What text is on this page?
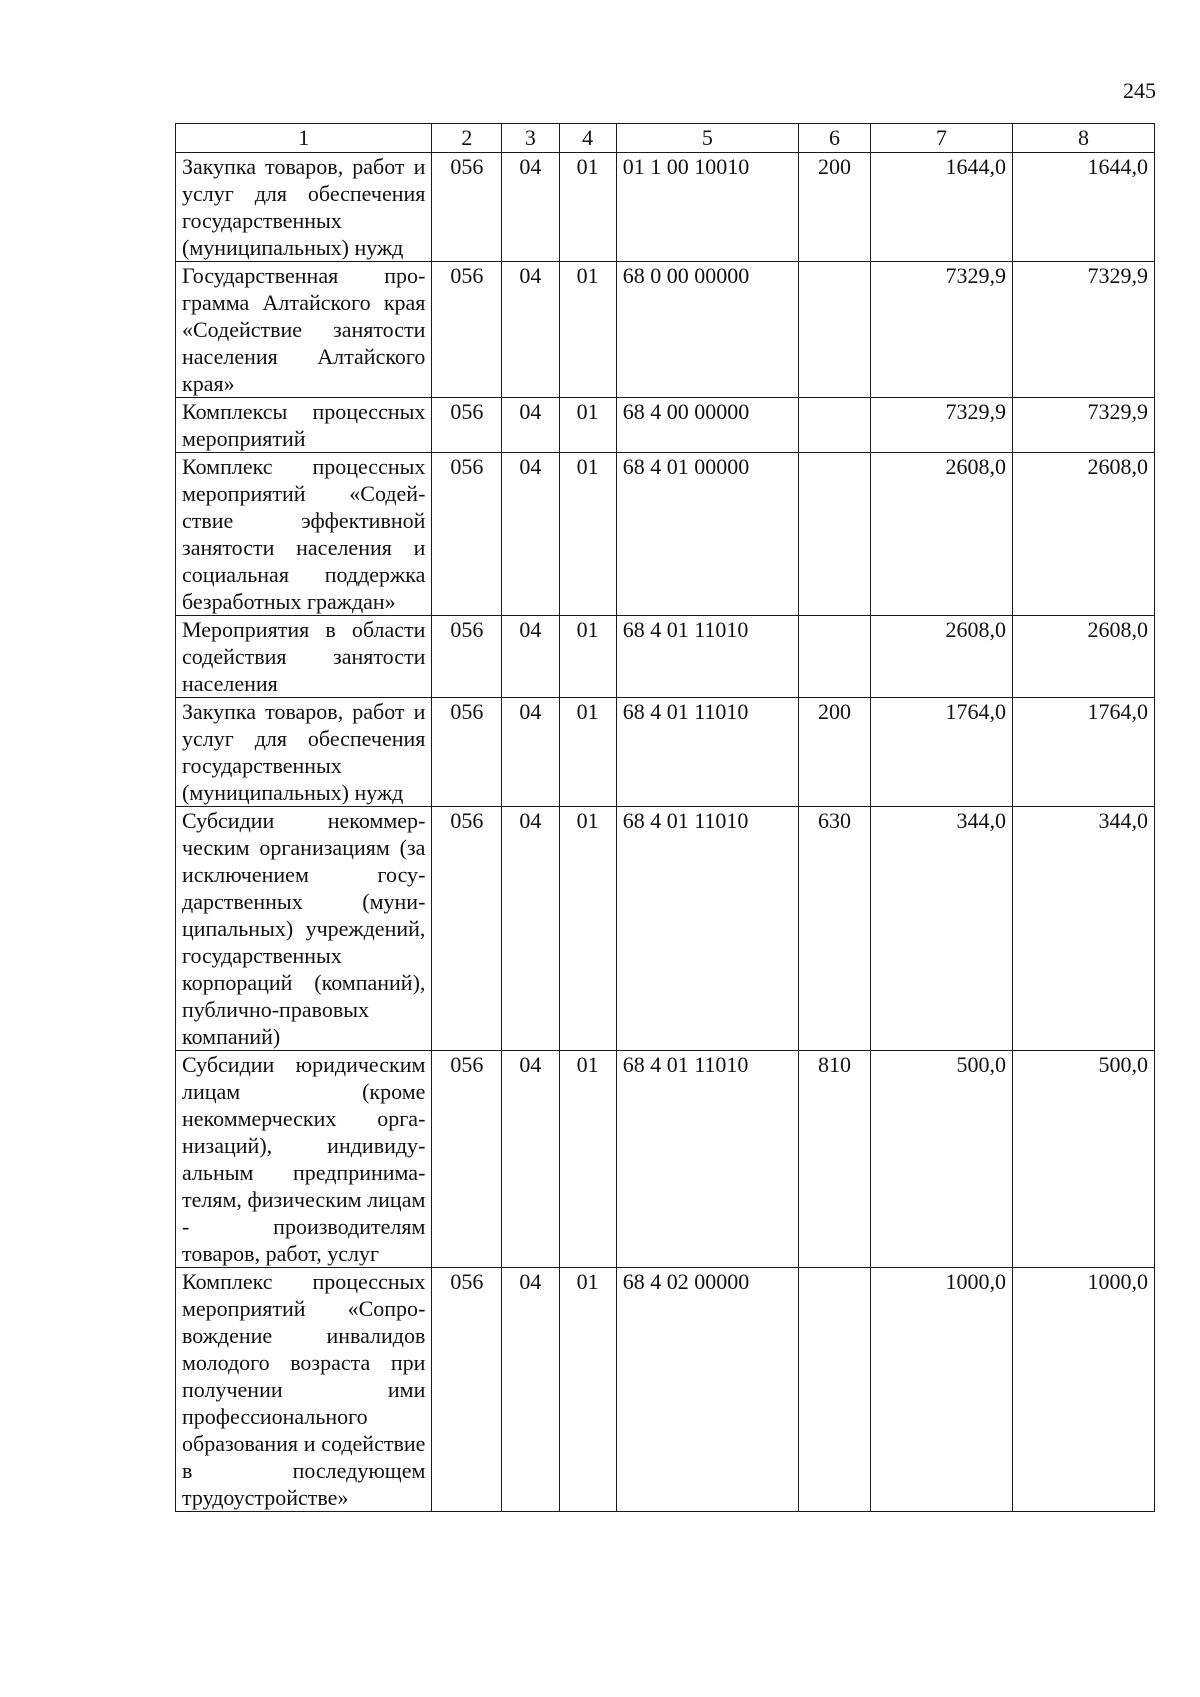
245
1	2	3	4	5	6	7	8
Закупка товаров, работ и услуг для обеспечения государственных (муниципальных) нужд	056	04	01	01 1 00 10010	200	1644,0	1644,0
Государственная программа Алтайского края «Содействие занятости населения Алтайского края»	056	04	01	68 0 00 00000		7329,9	7329,9
Комплексы процессных мероприятий	056	04	01	68 4 00 00000		7329,9	7329,9
Комплекс процессных мероприятий «Содействие эффективной занятости населения и социальная поддержка безработных граждан»	056	04	01	68 4 01 00000		2608,0	2608,0
Мероприятия в области содействия занятости населения	056	04	01	68 4 01 11010		2608,0	2608,0
Закупка товаров, работ и услуг для обеспечения государственных (муниципальных) нужд	056	04	01	68 4 01 11010	200	1764,0	1764,0
Субсидии некоммерческим организациям (за исключением государственных (муниципальных) учреждений, государственных корпораций (компаний), публично-правовых компаний)	056	04	01	68 4 01 11010	630	344,0	344,0
Субсидии юридическим лицам (кроме некоммерческих организаций), индивидуальным предпринимателям, физическим лицам - производителям товаров, работ, услуг	056	04	01	68 4 01 11010	810	500,0	500,0
Комплекс процессных мероприятий «Сопровождение инвалидов молодого возраста при получении ими профессионального образования и содействие в последующем трудоустройстве»	056	04	01	68 4 02 00000		1000,0	1000,0
